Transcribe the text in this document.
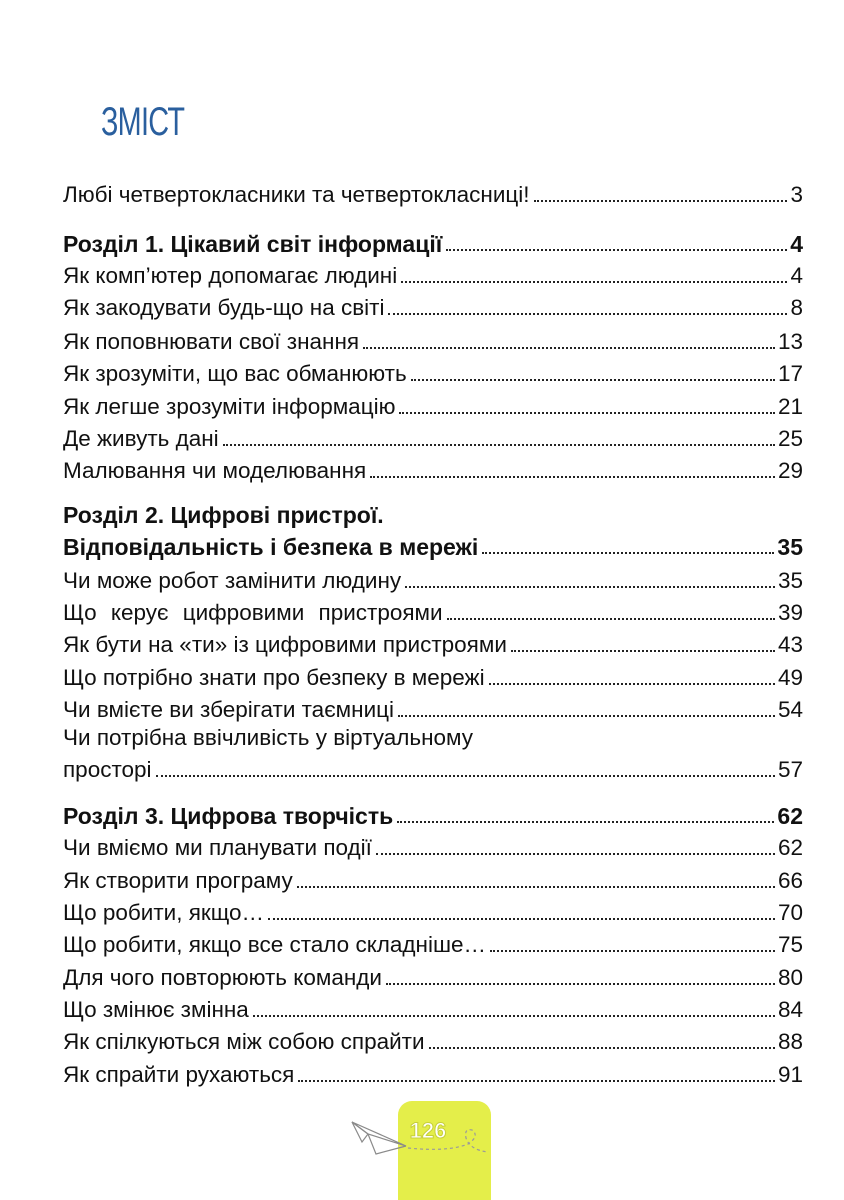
ЗМІСТ
Любі четвертокласники та четвертокласниці!	3
Розділ 1. Цікавий світ інформації	4
Як комп’ютер допомагає людині	4
Як закодувати будь-що на світі	8
Як поповнювати свої знання	13
Як зрозуміти, що вас обманюють	17
Як легше зрозуміти інформацію	21
Де живуть дані	25
Малювання чи моделювання	29
Розділ 2. Цифрові пристрої.
Відповідальність і безпека в мережі	35
Чи може робот замінити людину	35
Що керує цифровими пристроями	39
Як бути на «ти» із цифровими пристроями	43
Що потрібно знати про безпеку в мережі	49
Чи вмієте ви зберігати таємниці	54
Чи потрібна ввічливість у віртуальному
просторі	57
Розділ 3. Цифрова творчість	62
Чи вміємо ми планувати події	62
Як створити програму	66
Що робити, якщо…	70
Що робити, якщо все стало складніше…	75
Для чого повторюють команди	80
Що змінює змінна	84
Як спілкуються між собою спрайти	88
Як спрайти рухаються	91
126
